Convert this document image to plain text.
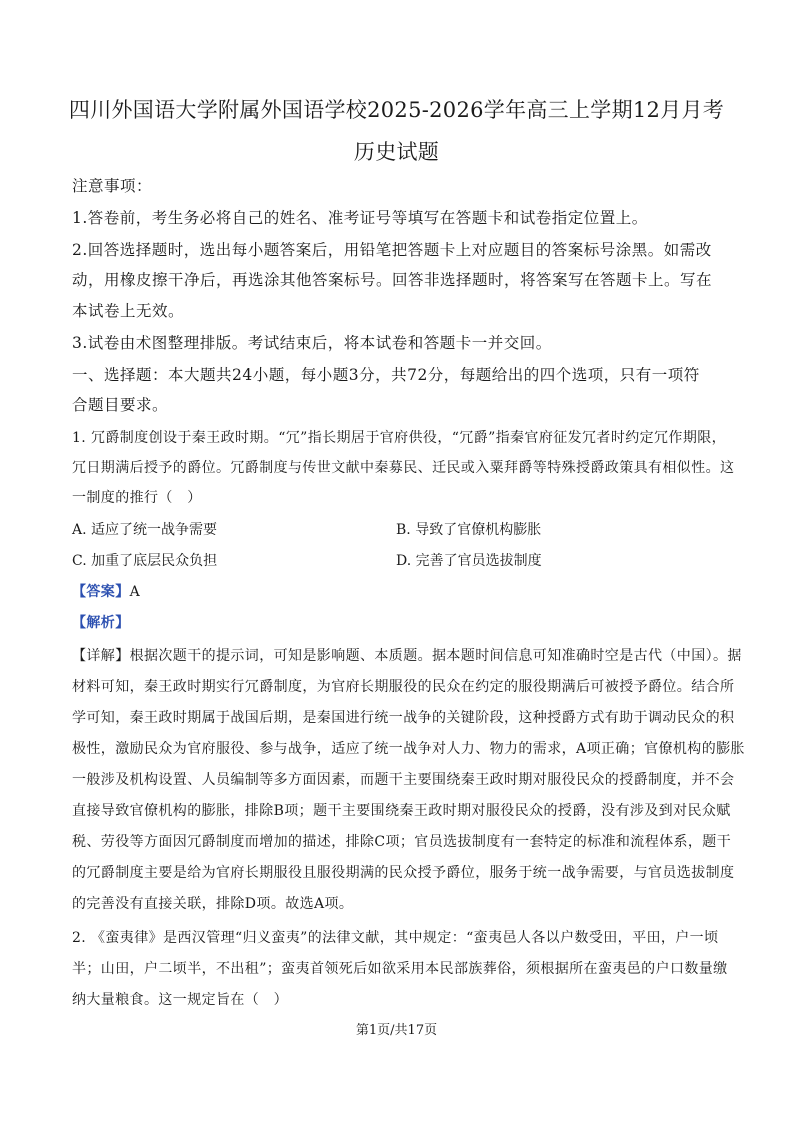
四川外国语大学附属外国语学校2025-2026学年高三上学期12月月考
历史试题
注意事项：
1.答卷前，考生务必将自己的姓名、准考证号等填写在答题卡和试卷指定位置上。
2.回答选择题时，选出每小题答案后，用铅笔把答题卡上对应题目的答案标号涂黑。如需改
动，用橡皮擦干净后，再选涂其他答案标号。回答非选择题时，将答案写在答题卡上。写在
本试卷上无效。
3.试卷由术图整理排版。考试结束后，将本试卷和答题卡一并交回。
一、选择题：本大题共24小题，每小题3分，共72分，每题给出的四个选项，只有一项符
合题目要求。
1. 冗爵制度创设于秦王政时期。“冗”指长期居于官府供役，“冗爵”指秦官府征发冗者时约定冗作期限，
冗日期满后授予的爵位。冗爵制度与传世文献中秦募民、迁民或入粟拜爵等特殊授爵政策具有相似性。这
一制度的推行（　）
A. 适应了统一战争需要	B. 导致了官僚机构膨胀
C. 加重了底层民众负担	D. 完善了官员选拔制度
【答案】A
【解析】
【详解】根据次题干的提示词，可知是影响题、本质题。据本题时间信息可知准确时空是古代（中国）。据
材料可知，秦王政时期实行冗爵制度，为官府长期服役的民众在约定的服役期满后可被授予爵位。结合所
学可知，秦王政时期属于战国后期，是秦国进行统一战争的关键阶段，这种授爵方式有助于调动民众的积
极性，激励民众为官府服役、参与战争，适应了统一战争对人力、物力的需求，A项正确；官僚机构的膨胀
一般涉及机构设置、人员编制等多方面因素，而题干主要围绕秦王政时期对服役民众的授爵制度，并不会
直接导致官僚机构的膨胀，排除B项；题干主要围绕秦王政时期对服役民众的授爵，没有涉及到对民众赋
税、劳役等方面因冗爵制度而增加的描述，排除C项；官员选拔制度有一套特定的标准和流程体系，题干
的冗爵制度主要是给为官府长期服役且服役期满的民众授予爵位，服务于统一战争需要，与官员选拔制度
的完善没有直接关联，排除D项。故选A项。
2. 《蛮夷律》是西汉管理“归义蛮夷”的法律文献，其中规定：“蛮夷邑人各以户数受田，平田，户一顷
半；山田，户二顷半，不出租”；蛮夷首领死后如欲采用本民部族葬俗，须根据所在蛮夷邑的户口数量缴
纳大量粮食。这一规定旨在（　）
第1页/共17页
